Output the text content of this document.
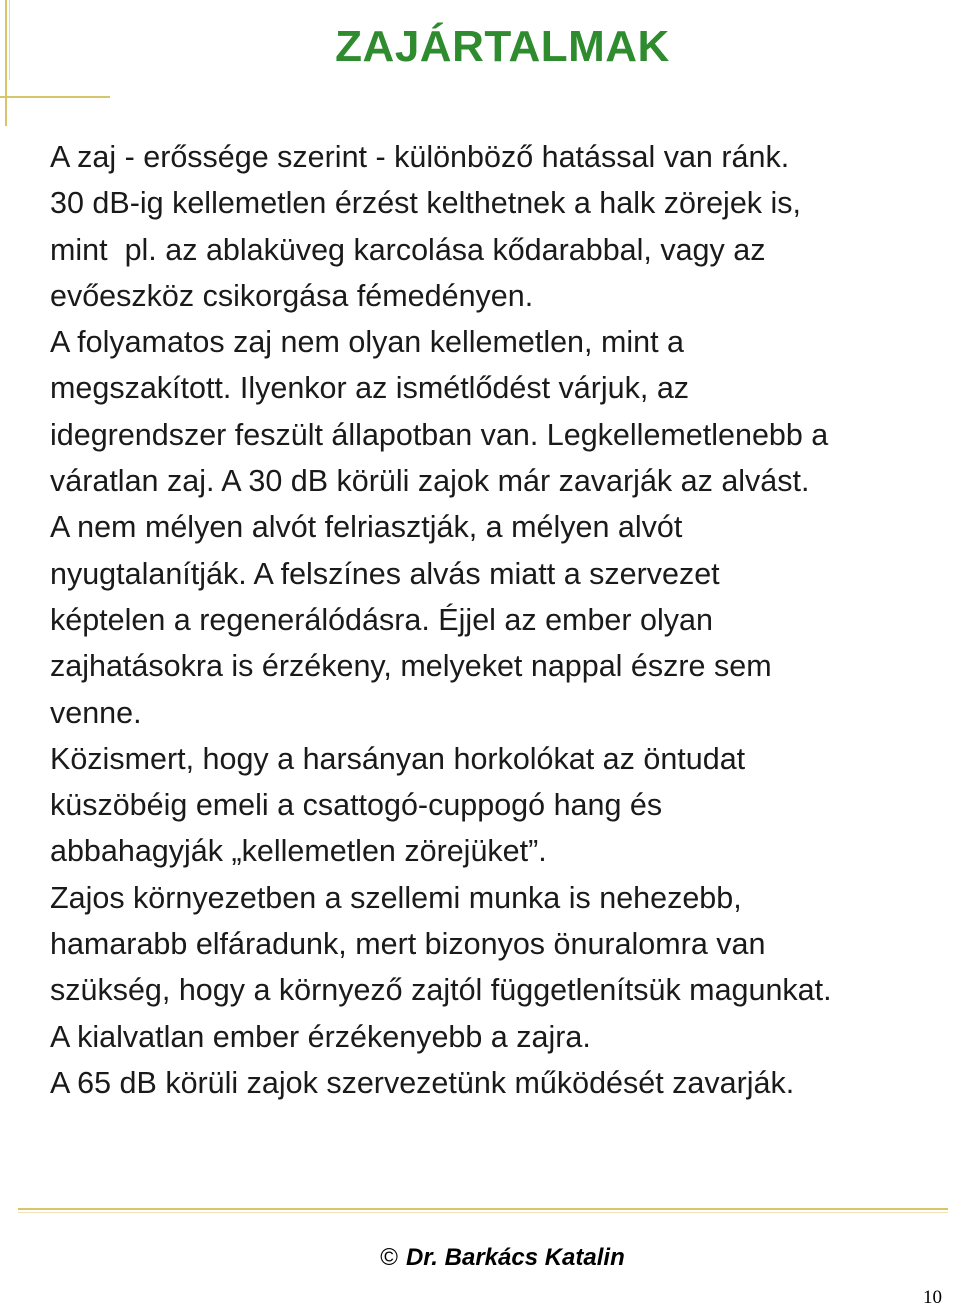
ZAJÁRTALMAK
A zaj - erőssége szerint - különböző hatással van ránk.
30 dB-ig kellemetlen érzést kelthetnek a halk zörejek is,
mint  pl. az ablaküveg karcolása kődarabbal, vagy az
evőeszköz csikorgása fémedényen.
A folyamatos zaj nem olyan kellemetlen, mint a
megszakított. Ilyenkor az ismétlődést várjuk, az
idegrendszer feszült állapotban van. Legkellemetlenebb a
váratlan zaj. A 30 dB körüli zajok már zavarják az alvást.
A nem mélyen alvót felriasztják, a mélyen alvót
nyugtalanítják. A felszínes alvás miatt a szervezet
képtelen a regenerálódásra. Éjjel az ember olyan
zajhatásokra is érzékeny, melyeket nappal észre sem
venne.
Közismert, hogy a harsányan horkolókat az öntudat
küszöbéig emeli a csattogó-cuppogó hang és
abbahagyják „kellemetlen zörejüket”.
Zajos környezetben a szellemi munka is nehezebb,
hamarabb elfáradunk, mert bizonyos önuralomra van
szükség, hogy a környező zajtól függetlenítsük magunkat.
A kialvatlan ember érzékenyebb a zajra.
A 65 dB körüli zajok szervezetünk működését zavarják.
© Dr. Barkács Katalin
10
